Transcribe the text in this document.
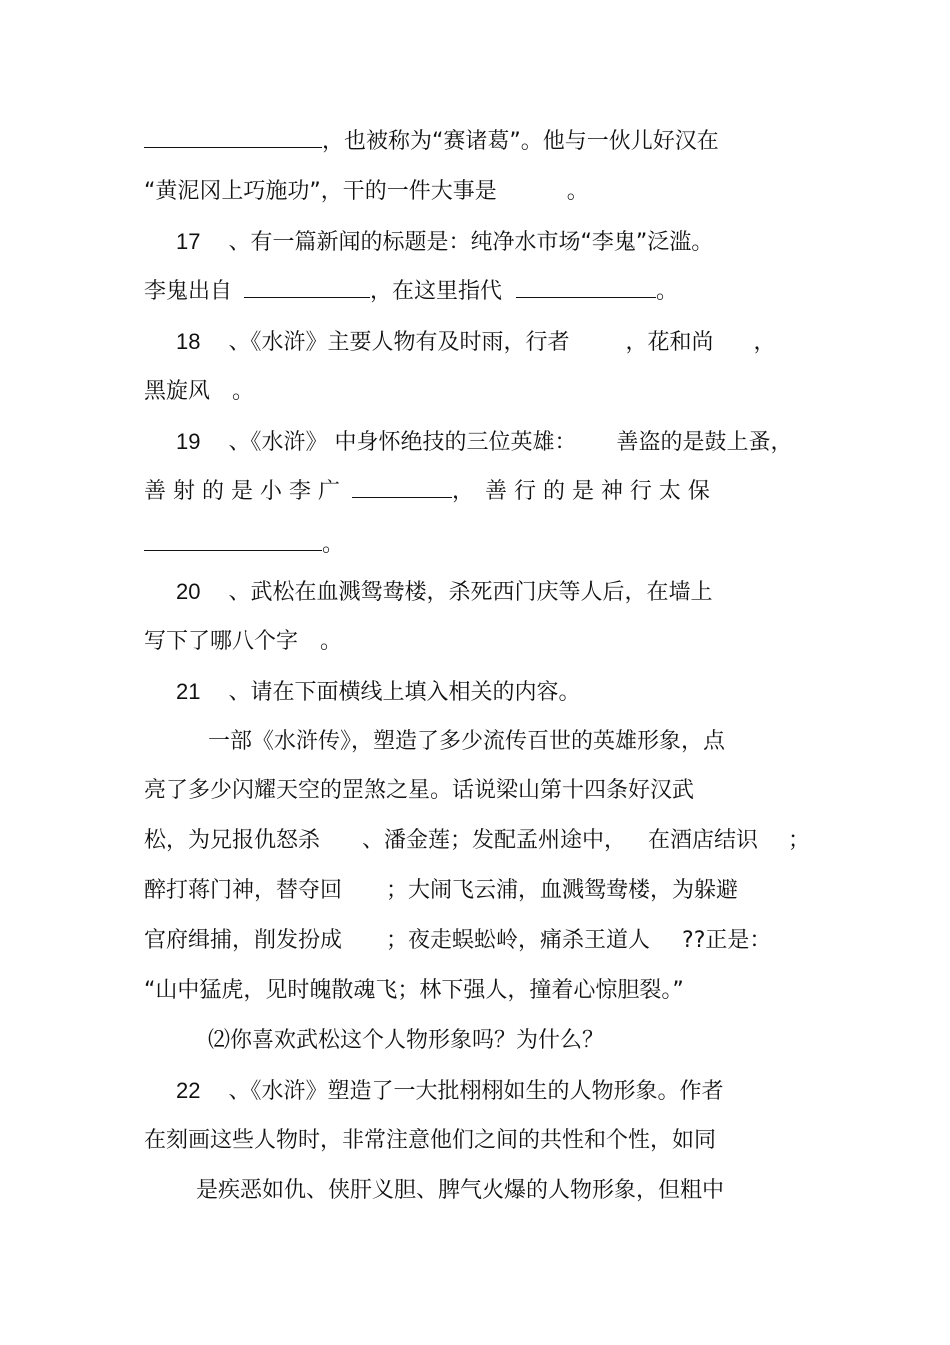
，也被称为“赛诸葛”。他与一伙儿好汉在
“黄泥冈上巧施功”，干的一件大事是	。
17 、有一篇新闻的标题是：纯净水市场“李鬼”泛滥。
李鬼出自	，在这里指代	。
18 、《水浒》主要人物有及时雨，行者	，花和尚 ，
黑旋风　。
19 、《水浒》 中身怀绝技的三位英雄： 善盗的是鼓上蚤，
善 射 的 是 小 李 广	，　善 行 的 是 神 行 太 保
。
20 、武松在血溅鸳鸯楼，杀死西门庆等人后，在墙上
写下了哪八个字　。
21 、请在下面横线上填入相关的内容。
一部《水浒传》，塑造了多少流传百世的英雄形象，点
亮了多少闪耀天空的罡煞之星。话说梁山第十四条好汉武
松，为兄报仇怒杀 、潘金莲；发配孟州途中， 在酒店结识 ；
醉打蒋门神，替夺回 ；大闹飞云浦，血溅鸳鸯楼，为躲避
官府缉捕，削发扮成 ；夜走蜈蚣岭，痛杀王道人 ??正是：
“山中猛虎，见时魄散魂飞；林下强人，撞着心惊胆裂。”
⑵你喜欢武松这个人物形象吗？为什么？
22 、《水浒》塑造了一大批栩栩如生的人物形象。作者
在刻画这些人物时，非常注意他们之间的共性和个性，如同
是疾恶如仇、侠肝义胆、脾气火爆的人物形象，但粗中
